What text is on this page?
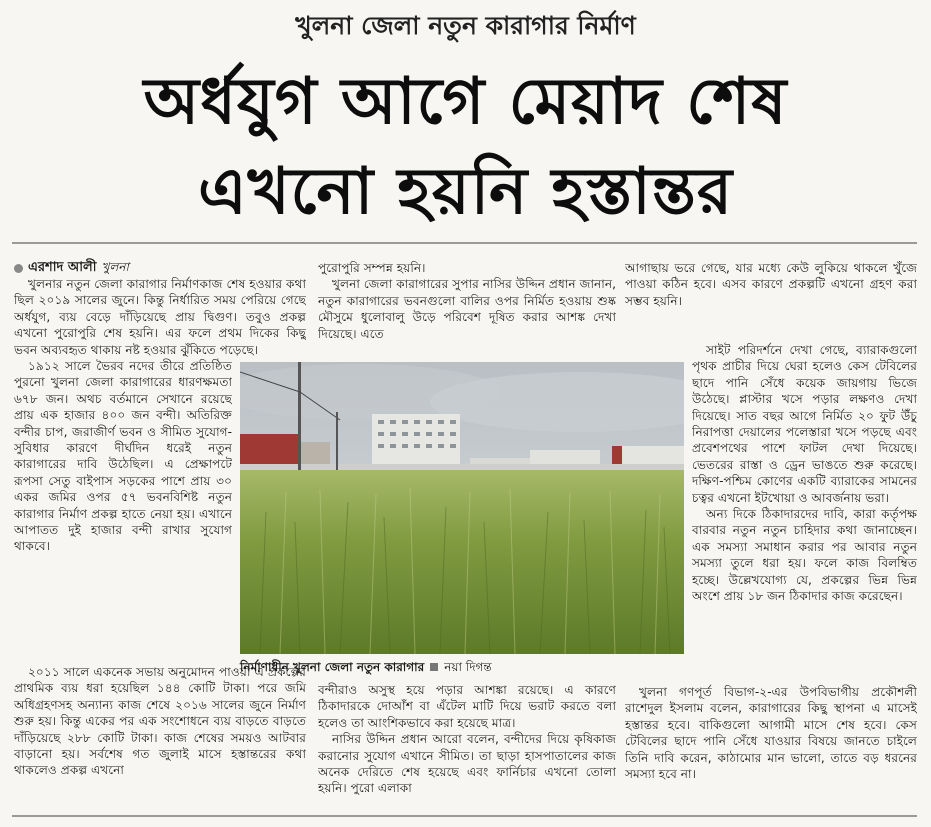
খুলনা জেলা নতুন কারাগার নির্মাণ
অর্ধযুগ আগে মেয়াদ শেষ
এখনো হয়নি হস্তান্তর
এরশাদ আলী খুলনা

খুলনার নতুন জেলা কারাগার নির্মাণকাজ শেষ হওয়ার কথা ছিল ২০১৯ সালের জুনে। কিন্তু নির্ধারিত সময় পেরিয়ে গেছে অর্ধযুগ, ব্যয় বেড়ে দাঁড়িয়েছে প্রায় দ্বিগুণ। তবুও প্রকল্প এখনো পুরোপুরি শেষ হয়নি। এর ফলে প্রথম দিকের কিছু ভবন অব্যবহৃত থাকায় নষ্ট হওয়ার ঝুঁকিতে পড়েছে।

১৯১২ সালে ভৈরব নদের তীরে প্রতিষ্ঠিত পুরনো খুলনা জেলা কারাগারের ধারণক্ষমতা ৬৭৮ জন। অথচ বর্তমানে সেখানে রয়েছে প্রায় এক হাজার ৪০০ জন বন্দী। অতিরিক্ত বন্দীর চাপ, জরাজীর্ণ ভবন ও সীমিত সুযোগ-সুবিধার কারণে দীর্ঘদিন ধরেই নতুন কারাগারের দাবি উঠেছিল। এ প্রেক্ষাপটে রূপসা সেতু বাইপাস সড়কের পাশে প্রায় ৩০ একর জমির ওপর ৫৭ ভবনবিশিষ্ট নতুন কারাগার নির্মাণ প্রকল্প হাতে নেয়া হয়। এখানে আপাতত দুই হাজার বন্দী রাখার সুযোগ থাকবে।

২০১১ সালে একনেক সভায় অনুমোদন পাওয়া এ প্রকল্পের প্রাথমিক ব্যয় ধরা হয়েছিল ১৪৪ কোটি টাকা। পরে জমি অধিগ্রহণসহ অন্যান্য কাজ শেষে ২০১৬ সালের জুনে নির্মাণ শুরু হয়। কিন্তু একের পর এক সংশোধনে ব্যয় বাড়তে বাড়তে দাঁড়িয়েছে ২৮৮ কোটি টাকা। কাজ শেষের সময়ও আটবার বাড়ানো হয়। সর্বশেষ গত জুলাই মাসে হস্তান্তরের কথা থাকলেও প্রকল্প এখনো

পুরোপুরি সম্পন্ন হয়নি।

খুলনা জেলা কারাগারের সুপার নাসির উদ্দিন প্রধান জানান, নতুন কারাগারের ভবনগুলো বালির ওপর নির্মিত হওয়ায় শুষ্ক মৌসুমে ধুলোবালু উড়ে পরিবেশ দূষিত করার আশঙ্ক দেখা দিয়েছে। এতে

বন্দীরাও অসুস্থ হয়ে পড়ার আশঙ্কা রয়েছে। এ কারণে ঠিকাদারকে দোআঁশ বা এঁটেল মাটি দিয়ে ভরাট করতে বলা হলেও তা আংশিকভাবে করা হয়েছে মাত্র।

নাসির উদ্দিন প্রধান আরো বলেন, বন্দীদের দিয়ে কৃষিকাজ করানোর সুযোগ এখানে সীমিত। তা ছাড়া হাসপাতালের কাজ অনেক দেরিতে শেষ হয়েছে এবং ফার্নিচার এখনো তোলা হয়নি। পুরো এলাকা

আগাছায় ভরে গেছে, যার মধ্যে কেউ লুকিয়ে থাকলে খুঁজে পাওয়া কঠিন হবে। এসব কারণে প্রকল্পটি এখনো গ্রহণ করা সম্ভব হয়নি।

সাইট পরিদর্শনে দেখা গেছে, ব্যারাকগুলো পৃথক প্রাচীর দিয়ে ঘেরা হলেও কেস টেবিলের ছাদে পানি সেঁধে কয়েক জায়গায় ভিজে উঠেছে। প্লাস্টার খসে পড়ার লক্ষণও দেখা দিয়েছে। সাত বছর আগে নির্মিত ২০ ফুট উঁচু নিরাপত্তা দেয়ালের পলেস্তারা খসে পড়ছে এবং প্রবেশপথের পাশে ফাটল দেখা দিয়েছে। ভেতরের রাস্তা ও ড্রেন ভাঙতে শুরু করেছে। দক্ষিণ-পশ্চিম কোণের একটি ব্যারাকের সামনের চত্বর এখনো ইটখোয়া ও আবর্জনায় ভরা।

অন্য দিকে ঠিকাদারদের দাবি, কারা কর্তৃপক্ষ বারবার নতুন নতুন চাহিদার কথা জানাচ্ছেন। এক সমস্যা সমাধান করার পর আবার নতুন সমস্যা তুলে ধরা হয়। ফলে কাজ বিলম্বিত হচ্ছে। উল্লেখযোগ্য যে, প্রকল্পের ভিন্ন ভিন্ন অংশে প্রায় ১৮ জন ঠিকাদার কাজ করেছেন।

খুলনা গণপূর্ত বিভাগ-২-এর উপবিভাগীয় প্রকৌশলী রাশেদুল ইসলাম বলেন, কারাগারের কিছু স্থাপনা এ মাসেই হস্তান্তর হবে। বাকিগুলো আগামী মাসে শেষ হবে। কেস টেবিলের ছাদে পানি সেঁধে যাওয়ার বিষয়ে জানতে চাইলে তিনি দাবি করেন, কাঠামোর মান ভালো, তাতে বড় ধরনের সমস্যা হবে না।

নির্মাণাধীন খুলনা জেলা নতুন কারাগার নয়া দিগন্ত
